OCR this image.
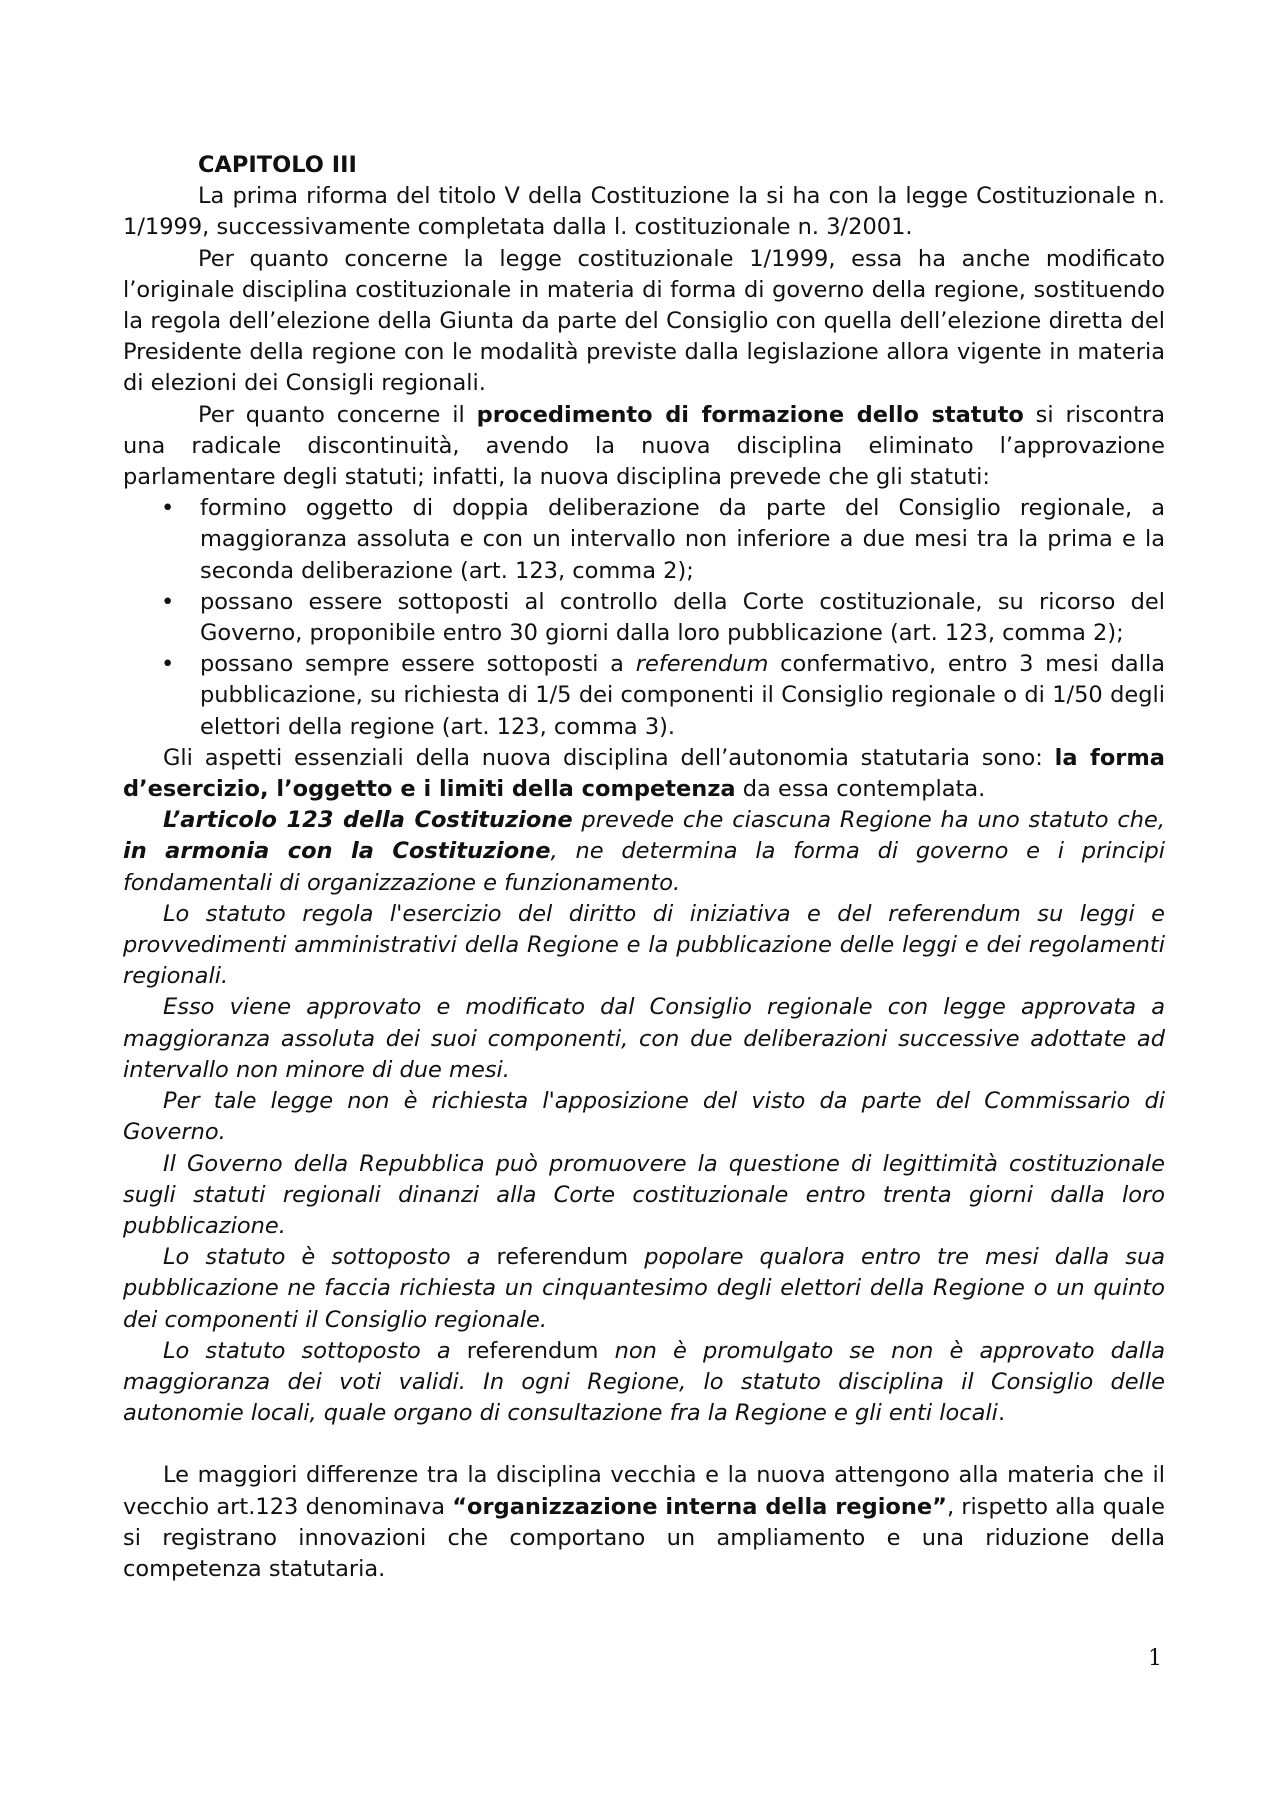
CAPITOLO III

La prima riforma del titolo V della Costituzione la si ha con la legge Costituzionale n. 1/1999, successivamente completata dalla l. costituzionale n. 3/2001.

Per quanto concerne la legge costituzionale 1/1999, essa ha anche modificato l’originale disciplina costituzionale in materia di forma di governo della regione, sostituendo la regola dell’elezione della Giunta da parte del Consiglio con quella dell’elezione diretta del Presidente della regione con le modalità previste dalla legislazione allora vigente in materia di elezioni dei Consigli regionali.

Per quanto concerne il procedimento di formazione dello statuto si riscontra una radicale discontinuità, avendo la nuova disciplina eliminato l’approvazione parlamentare degli statuti; infatti, la nuova disciplina prevede che gli statuti:

• formino oggetto di doppia deliberazione da parte del Consiglio regionale, a maggioranza assoluta e con un intervallo non inferiore a due mesi tra la prima e la seconda deliberazione (art. 123, comma 2);
• possano essere sottoposti al controllo della Corte costituzionale, su ricorso del Governo, proponibile entro 30 giorni dalla loro pubblicazione (art. 123, comma 2);
• possano sempre essere sottoposti a referendum confermativo, entro 3 mesi dalla pubblicazione, su richiesta di 1/5 dei componenti il Consiglio regionale o di 1/50 degli elettori della regione (art. 123, comma 3).

Gli aspetti essenziali della nuova disciplina dell’autonomia statutaria sono: la forma d’esercizio, l’oggetto e i limiti della competenza da essa contemplata.

L’articolo 123 della Costituzione prevede che ciascuna Regione ha uno statuto che, in armonia con la Costituzione, ne determina la forma di governo e i principi fondamentali di organizzazione e funzionamento.

Lo statuto regola l'esercizio del diritto di iniziativa e del referendum su leggi e provvedimenti amministrativi della Regione e la pubblicazione delle leggi e dei regolamenti regionali.

Esso viene approvato e modificato dal Consiglio regionale con legge approvata a maggioranza assoluta dei suoi componenti, con due deliberazioni successive adottate ad intervallo non minore di due mesi.

Per tale legge non è richiesta l'apposizione del visto da parte del Commissario di Governo.

Il Governo della Repubblica può promuovere la questione di legittimità costituzionale sugli statuti regionali dinanzi alla Corte costituzionale entro trenta giorni dalla loro pubblicazione.

Lo statuto è sottoposto a referendum popolare qualora entro tre mesi dalla sua pubblicazione ne faccia richiesta un cinquantesimo degli elettori della Regione o un quinto dei componenti il Consiglio regionale.

Lo statuto sottoposto a referendum non è promulgato se non è approvato dalla maggioranza dei voti validi. In ogni Regione, lo statuto disciplina il Consiglio delle autonomie locali, quale organo di consultazione fra la Regione e gli enti locali.

Le maggiori differenze tra la disciplina vecchia e la nuova attengono alla materia che il vecchio art.123 denominava “organizzazione interna della regione”, rispetto alla quale si registrano innovazioni che comportano un ampliamento e una riduzione della competenza statutaria.

1
